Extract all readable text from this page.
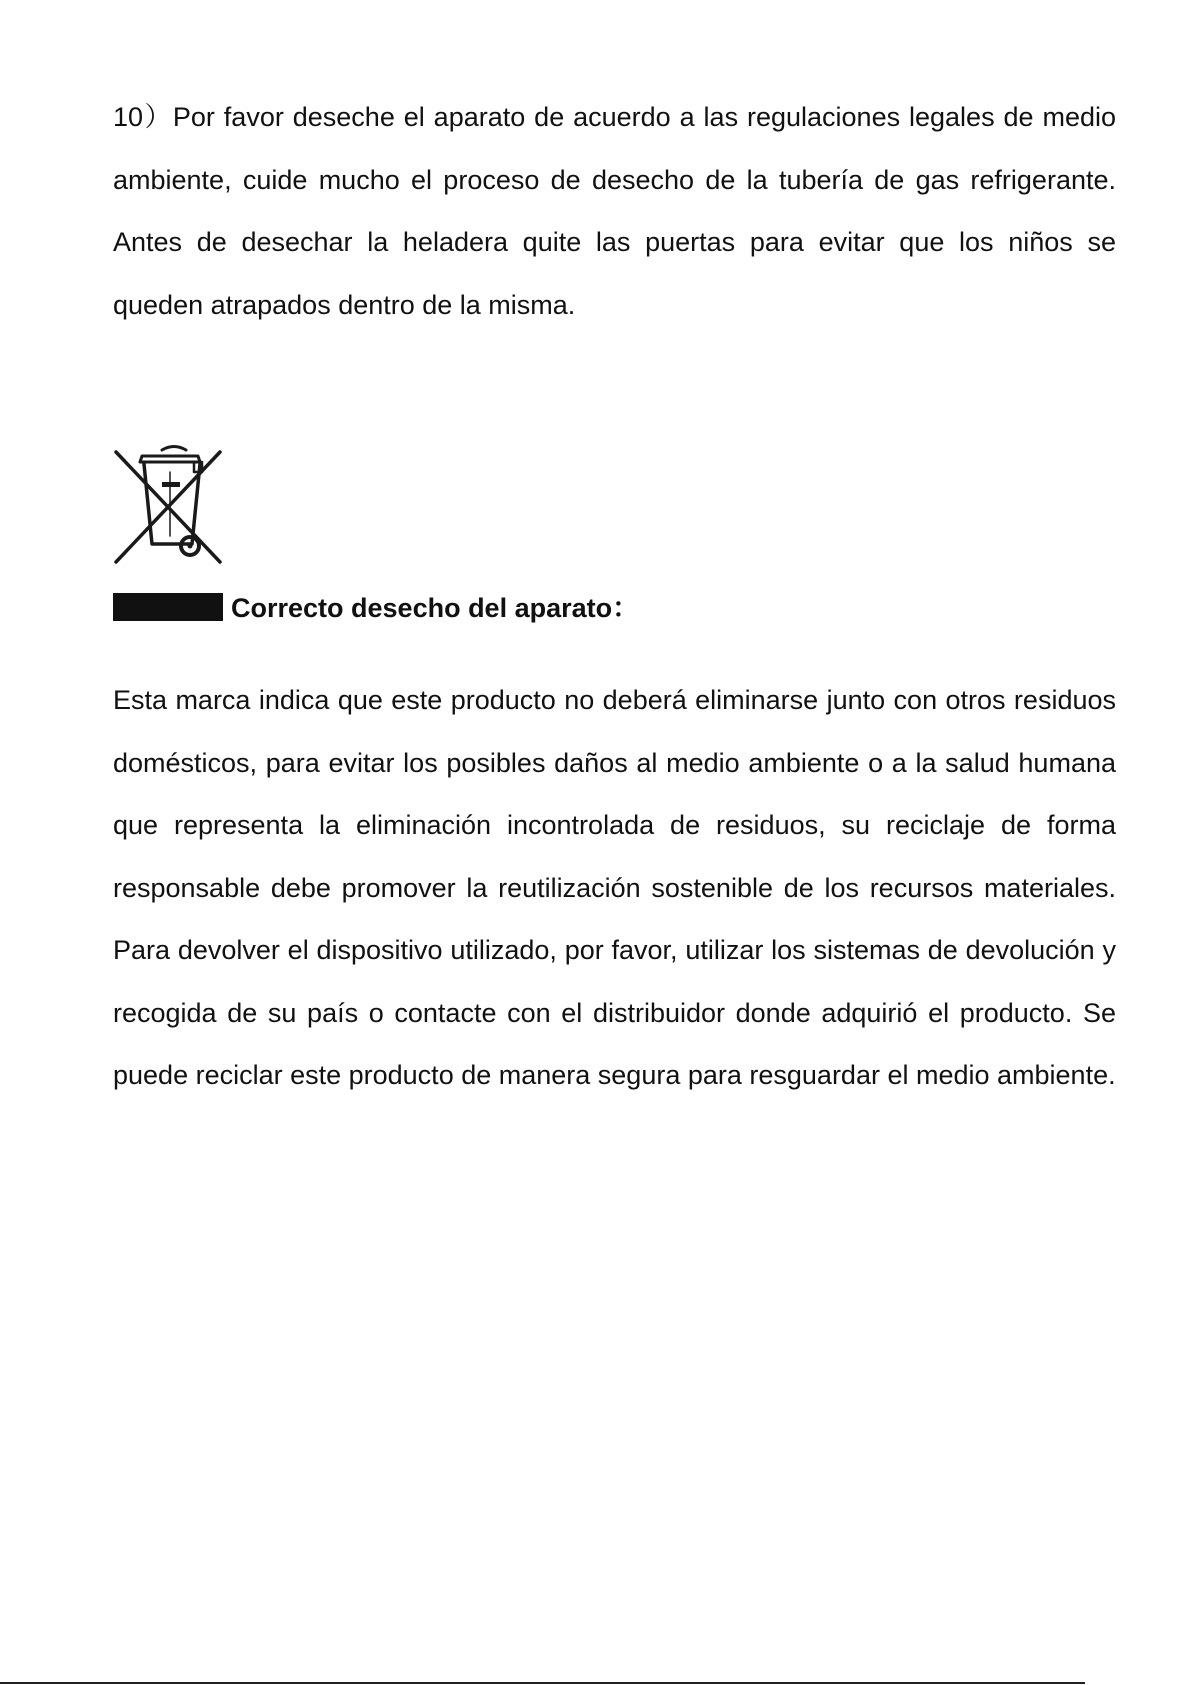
10）Por favor deseche el aparato de acuerdo a las regulaciones legales de medio ambiente, cuide mucho el proceso de desecho de la tubería de gas refrigerante. Antes de desechar la heladera quite las puertas para evitar que los niños se queden atrapados dentro de la misma.

Correcto desecho del aparato：

Esta marca indica que este producto no deberá eliminarse junto con otros residuos domésticos, para evitar los posibles daños al medio ambiente o a la salud humana que representa la eliminación incontrolada de residuos, su reciclaje de forma responsable debe promover la reutilización sostenible de los recursos materiales. Para devolver el dispositivo utilizado, por favor, utilizar los sistemas de devolución y recogida de su país o contacte con el distribuidor donde adquirió el producto. Se puede reciclar este producto de manera segura para resguardar el medio ambiente.
